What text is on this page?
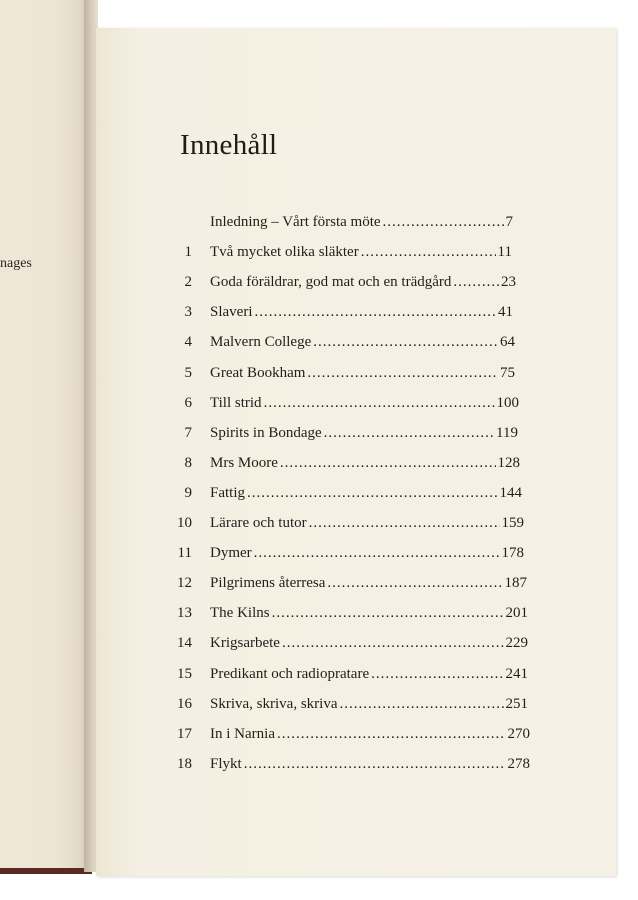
nages
Innehåll
Inledning – Vårt första möte .....	7
1 Två mycket olika släkter .....	11
2 Goda föräldrar, god mat och en trädgård .....	23
3 Slaveri .....	41
4 Malvern College .....	64
5 Great Bookham .....	75
6 Till strid .....	100
7 Spirits in Bondage .....	119
8 Mrs Moore .....	128
9 Fattig .....	144
10 Lärare och tutor .....	159
11 Dymer .....	178
12 Pilgrimens återresa .....	187
13 The Kilns .....	201
14 Krigsarbete .....	229
15 Predikant och radiopratare .....	241
16 Skriva, skriva, skriva .....	251
17 In i Narnia .....	270
18 Flykt .....	278
